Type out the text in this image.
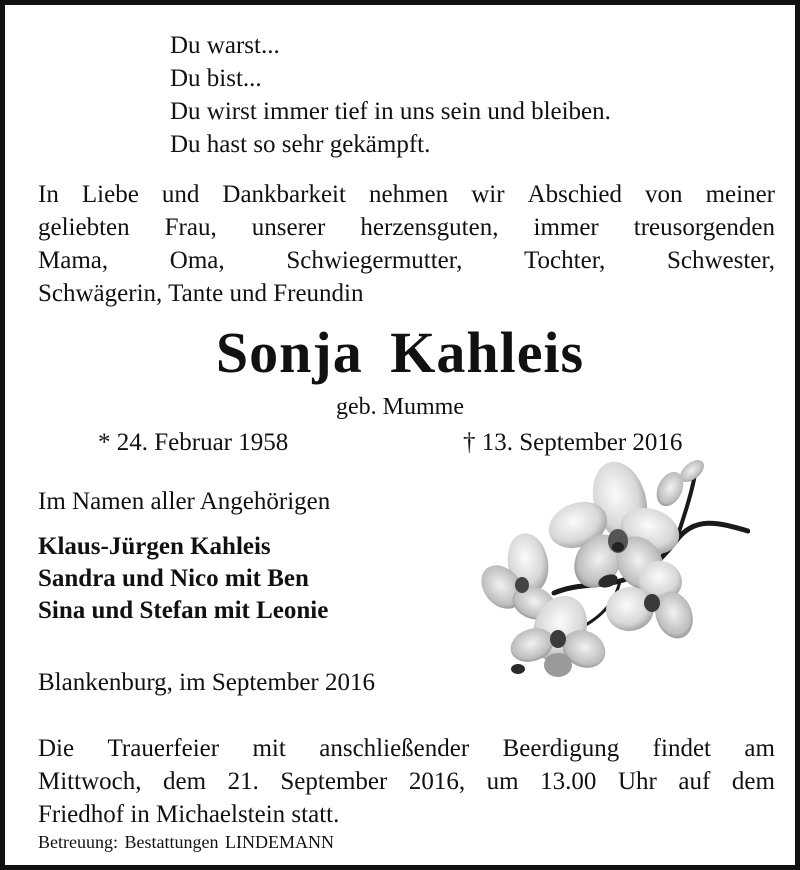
Du warst...
Du bist...
Du wirst immer tief in uns sein und bleiben.
Du hast so sehr gekämpft.
In Liebe und Dankbarkeit nehmen wir Abschied von meiner
geliebten Frau, unserer herzensguten, immer treusorgenden
Mama, Oma, Schwiegermutter, Tochter, Schwester,
Schwägerin, Tante und Freundin
Sonja Kahleis
geb. Mumme
* 24. Februar 1958	† 13. September 2016
Im Namen aller Angehörigen
Klaus-Jürgen Kahleis
Sandra und Nico mit Ben
Sina und Stefan mit Leonie
Blankenburg, im September 2016
Die Trauerfeier mit anschließender Beerdigung findet am
Mittwoch, dem 21. September 2016, um 13.00 Uhr auf dem
Friedhof in Michaelstein statt.
Betreuung: Bestattungen LINDEMANN
